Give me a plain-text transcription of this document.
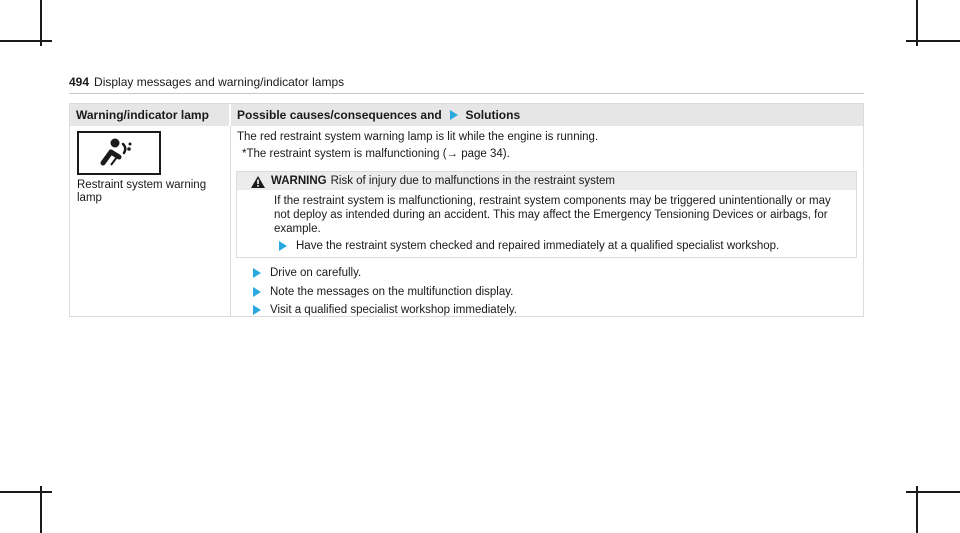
494 Display messages and warning/indicator lamps
Warning/indicator lamp	Possible causes/consequences and Solutions
Restraint system warning lamp
The red restraint system warning lamp is lit while the engine is running.
*The restraint system is malfunctioning (→ page 34).
WARNING Risk of injury due to malfunctions in the restraint system
If the restraint system is malfunctioning, restraint system components may be triggered unintentionally or may
not deploy as intended during an accident. This may affect the Emergency Tensioning Devices or airbags, for
example.
Have the restraint system checked and repaired immediately at a qualified specialist workshop.
Drive on carefully.
Note the messages on the multifunction display.
Visit a qualified specialist workshop immediately.
